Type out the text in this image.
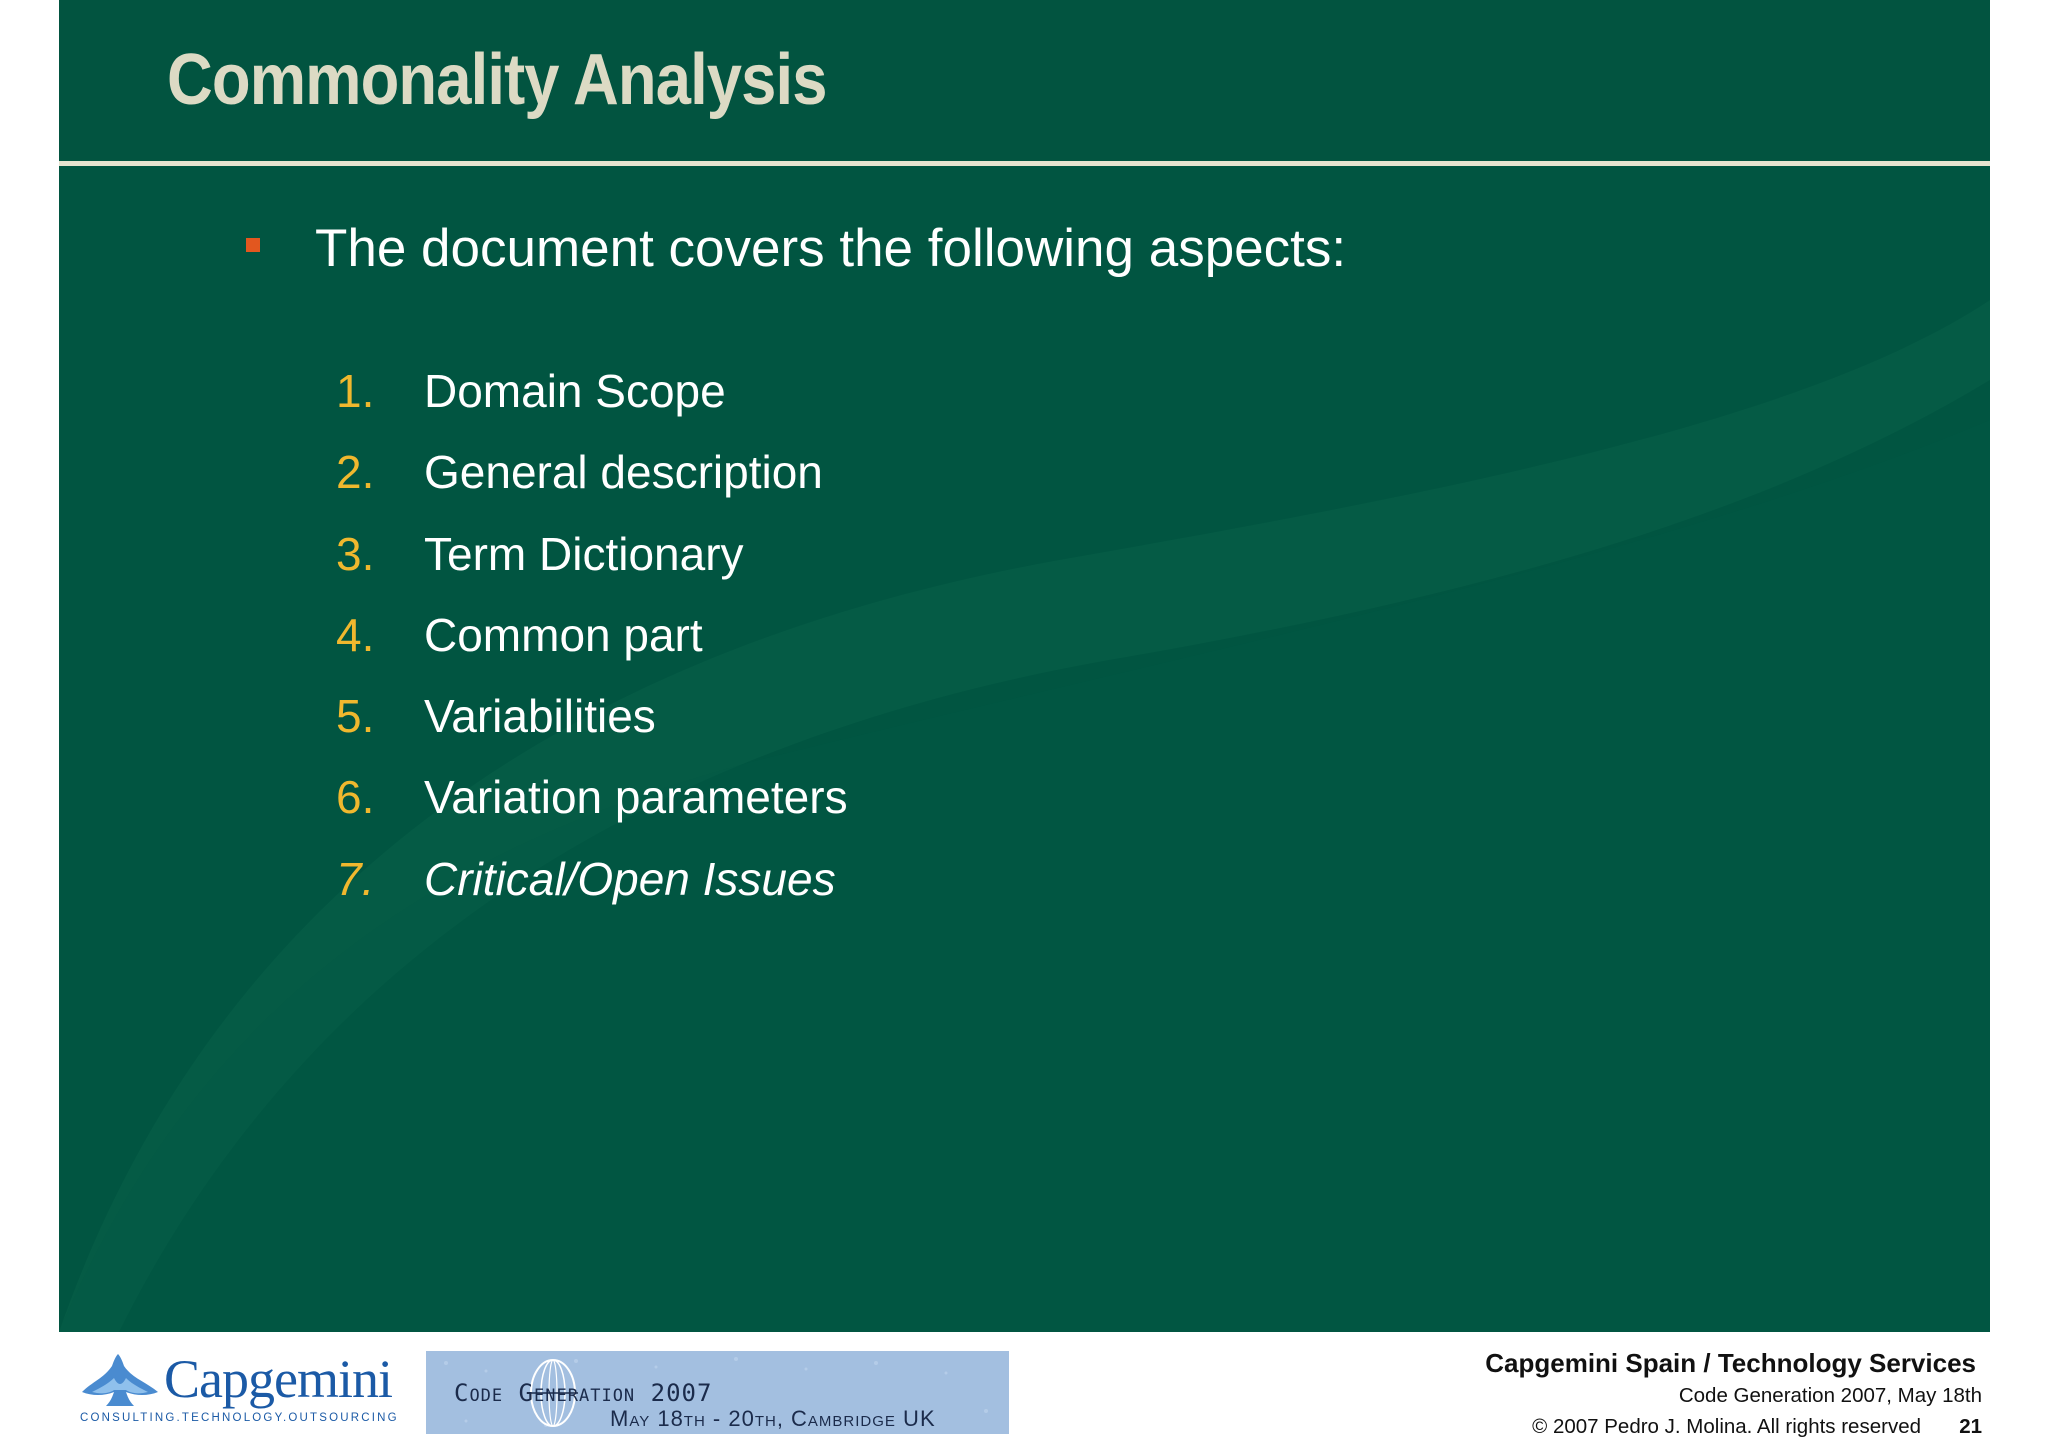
Commonality Analysis
The document covers the following aspects:
1.	Domain Scope
2.	General description
3.	Term Dictionary
4.	Common part
5.	Variabilities
6.	Variation parameters
7.	Critical/Open Issues
Capgemini
CONSULTING.TECHNOLOGY.OUTSOURCING
Code Generation 2007
May 18th - 20th, Cambridge UK
Capgemini Spain / Technology Services
Code Generation 2007, May 18th
© 2007 Pedro J. Molina. All rights reserved 21
